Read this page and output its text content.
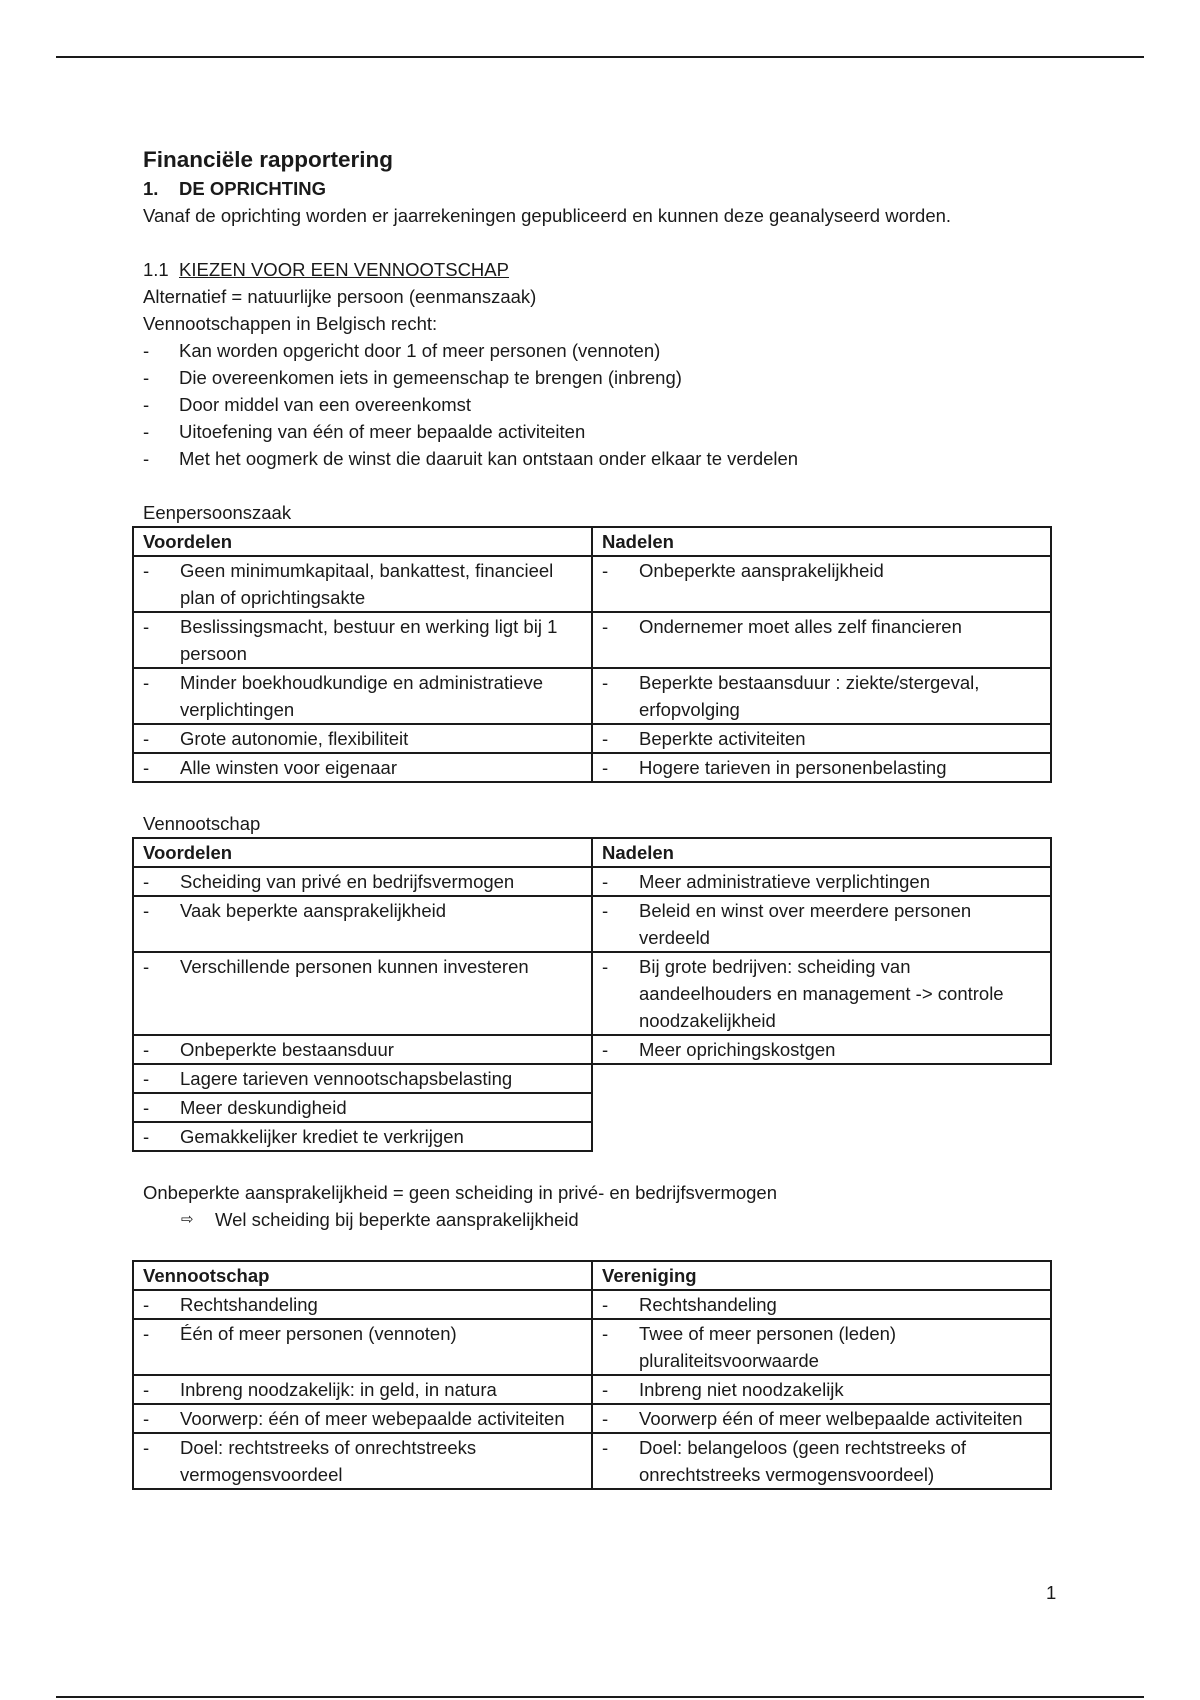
Financiële rapportering
1.	DE OPRICHTING

Vanaf de oprichting worden er jaarrekeningen gepubliceerd en kunnen deze geanalyseerd worden.

1.1 KIEZEN VOOR EEN VENNOOTSCHAP

Alternatief = natuurlijke persoon (eenmanszaak)

Vennootschappen in Belgisch recht:

-	Kan worden opgericht door 1 of meer personen (vennoten)
-	Die overeenkomen iets in gemeenschap te brengen (inbreng)
-	Door middel van een overeenkomst
-	Uitoefening van één of meer bepaalde activiteiten
-	Met het oogmerk de winst die daaruit kan ontstaan onder elkaar te verdelen

Eenpersoonszaak

Voordelen	Nadelen

- Geen minimumkapitaal, bankattest, financieel plan of oprichtingsakte	- Onbeperkte aansprakelijkheid

- Beslissingsmacht, bestuur en werking ligt bij 1 persoon	- Ondernemer moet alles zelf financieren

- Minder boekhoudkundige en administratieve verplichtingen	- Beperkte bestaansduur : ziekte/stergeval, erfopvolging

- Grote autonomie, flexibiliteit	- Beperkte activiteiten

- Alle winsten voor eigenaar	- Hogere tarieven in personenbelasting

Vennootschap

Voordelen	Nadelen

- Scheiding van privé en bedrijfsvermogen	- Meer administratieve verplichtingen

- Vaak beperkte aansprakelijkheid	- Beleid en winst over meerdere personen verdeeld

- Verschillende personen kunnen investeren	- Bij grote bedrijven: scheiding van aandeelhouders en management -> controle noodzakelijkheid

- Onbeperkte bestaansduur	- Meer oprichingskostgen

- Lagere tarieven vennootschapsbelasting	

- Meer deskundigheid	

- Gemakkelijker krediet te verkrijgen	

Onbeperkte aansprakelijkheid = geen scheiding in privé- en bedrijfsvermogen

⇨	Wel scheiding bij beperkte aansprakelijkheid
Vennootschap	Vereniging

- Rechtshandeling	- Rechtshandeling

- Één of meer personen (vennoten)	- Twee of meer personen (leden) pluraliteitsvoorwaarde

- Inbreng noodzakelijk: in geld, in natura	- Inbreng niet noodzakelijk

- Voorwerp: één of meer webepaalde activiteiten	- Voorwerp één of meer welbepaalde activiteiten

- Doel: rechtstreeks of onrechtstreeks vermogensvoordeel	- Doel: belangeloos (geen rechtstreeks of onrechtstreeks vermogensvoordeel)
1
